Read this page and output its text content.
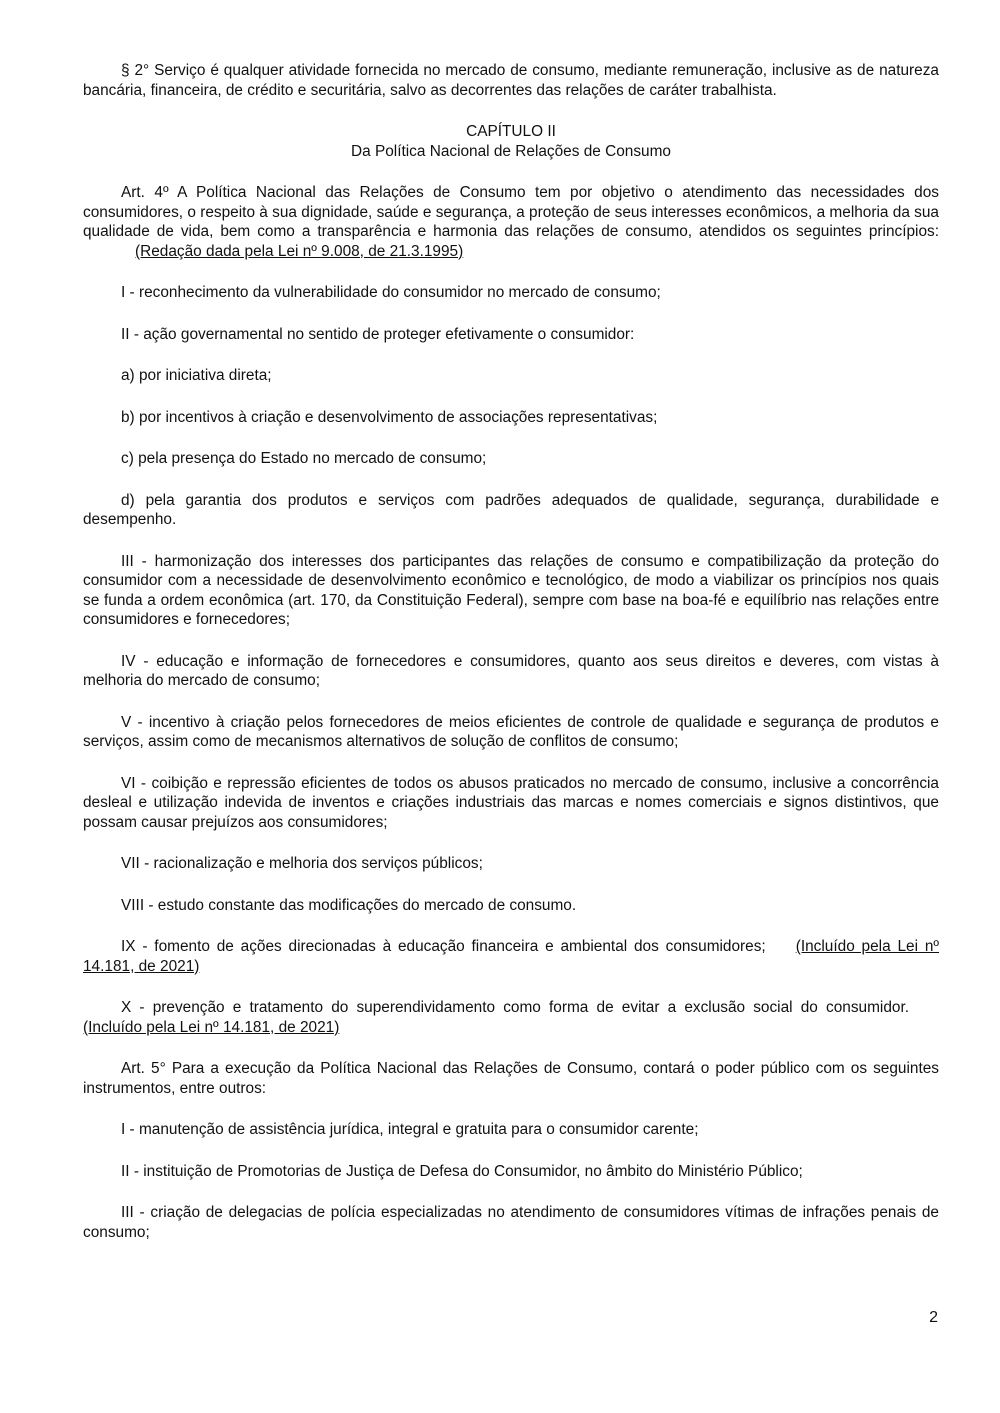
§ 2° Serviço é qualquer atividade fornecida no mercado de consumo, mediante remuneração, inclusive as de natureza bancária, financeira, de crédito e securitária, salvo as decorrentes das relações de caráter trabalhista.

CAPÍTULO II

Da Política Nacional de Relações de Consumo

Art. 4º A Política Nacional das Relações de Consumo tem por objetivo o atendimento das necessidades dos consumidores, o respeito à sua dignidade, saúde e segurança, a proteção de seus interesses econômicos, a melhoria da sua qualidade de vida, bem como a transparência e harmonia das relações de consumo, atendidos os seguintes princípios:(Redação dada pela Lei nº 9.008, de 21.3.1995)

I - reconhecimento da vulnerabilidade do consumidor no mercado de consumo;

II - ação governamental no sentido de proteger efetivamente o consumidor:

a) por iniciativa direta;

b) por incentivos à criação e desenvolvimento de associações representativas;

c) pela presença do Estado no mercado de consumo;

d) pela garantia dos produtos e serviços com padrões adequados de qualidade, segurança, durabilidade e desempenho.

III - harmonização dos interesses dos participantes das relações de consumo e compatibilização da proteção do consumidor com a necessidade de desenvolvimento econômico e tecnológico, de modo a viabilizar os princípios nos quais se funda a ordem econômica (art. 170, da Constituição Federal), sempre com base na boa-fé e equilíbrio nas relações entre consumidores e fornecedores;

IV - educação e informação de fornecedores e consumidores, quanto aos seus direitos e deveres, com vistas à melhoria do mercado de consumo;

V - incentivo à criação pelos fornecedores de meios eficientes de controle de qualidade e segurança de produtos e serviços, assim como de mecanismos alternativos de solução de conflitos de consumo;

VI - coibição e repressão eficientes de todos os abusos praticados no mercado de consumo, inclusive a concorrência desleal e utilização indevida de inventos e criações industriais das marcas e nomes comerciais e signos distintivos, que possam causar prejuízos aos consumidores;

VII - racionalização e melhoria dos serviços públicos;

VIII - estudo constante das modificações do mercado de consumo.

IX - fomento de ações direcionadas à educação financeira e ambiental dos consumidores; (Incluído pela Lei nº 14.181, de 2021)

X - prevenção e tratamento do superendividamento como forma de evitar a exclusão social do consumidor.(Incluído pela Lei nº 14.181, de 2021)

Art. 5° Para a execução da Política Nacional das Relações de Consumo, contará o poder público com os seguintes instrumentos, entre outros:

I - manutenção de assistência jurídica, integral e gratuita para o consumidor carente;

II - instituição de Promotorias de Justiça de Defesa do Consumidor, no âmbito do Ministério Público;

III - criação de delegacias de polícia especializadas no atendimento de consumidores vítimas de infrações penais de consumo;

2
